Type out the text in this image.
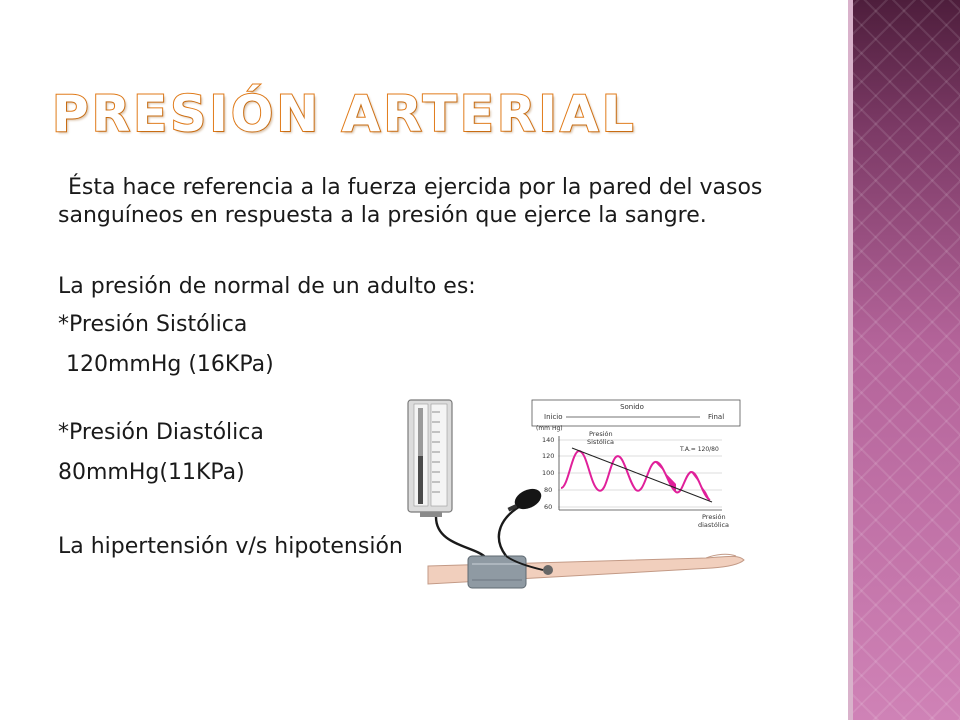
PRESIÓN ARTERIAL

Ésta hace referencia a la fuerza ejercida por la pared del vasos sanguíneos en respuesta a la presión que ejerce la sangre.

La presión de normal de un adulto es:

*Presión Sistólica

120mmHg (16KPa)

*Presión Diastólica

80mmHg(11KPa)

La hipertensión v/s hipotensión

Sonido
Inicio	Final
(mm Hg)
140
120
100
80
60
Presión
Sistólica
T.A.= 120/80
Presión
diastólica
